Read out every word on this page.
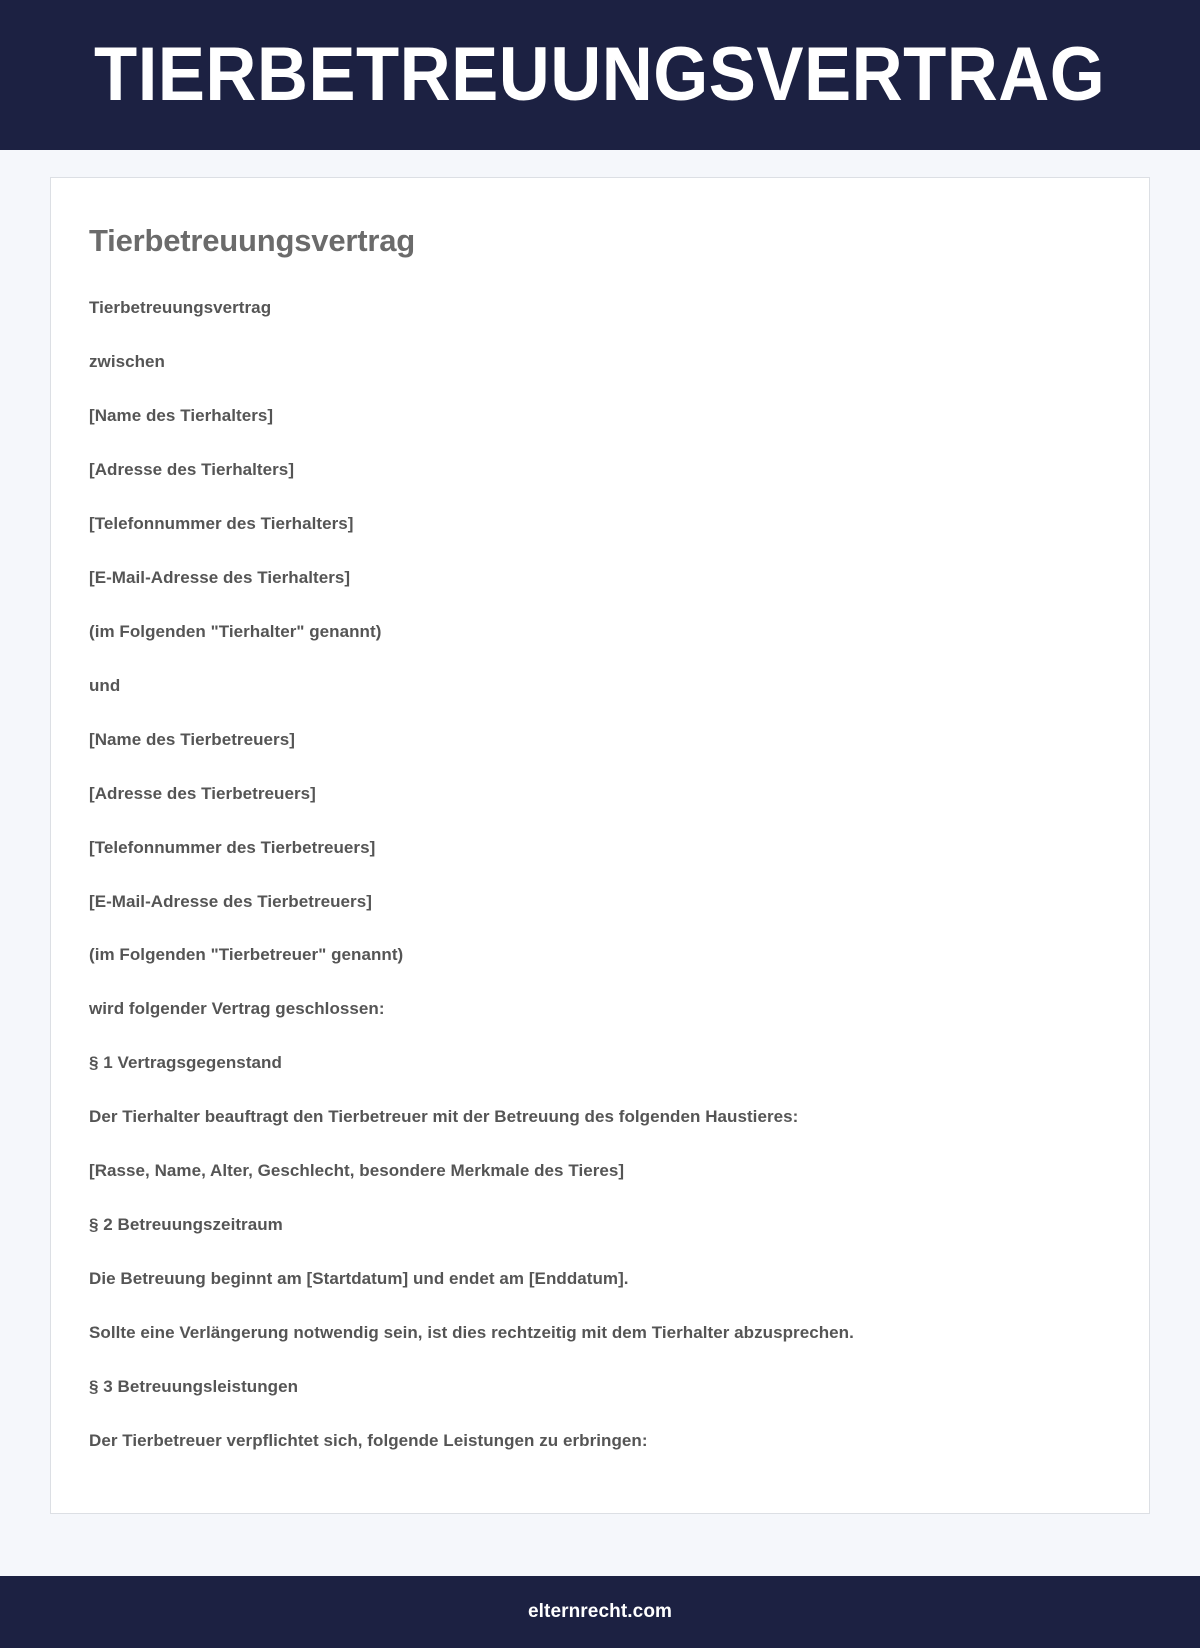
TIERBETREUUNGSVERTRAG
Tierbetreuungsvertrag

Tierbetreuungsvertrag

zwischen

[Name des Tierhalters]

[Adresse des Tierhalters]

[Telefonnummer des Tierhalters]

[E-Mail-Adresse des Tierhalters]

(im Folgenden "Tierhalter" genannt)

und

[Name des Tierbetreuers]

[Adresse des Tierbetreuers]

[Telefonnummer des Tierbetreuers]

[E-Mail-Adresse des Tierbetreuers]

(im Folgenden "Tierbetreuer" genannt)

wird folgender Vertrag geschlossen:

§ 1 Vertragsgegenstand

Der Tierhalter beauftragt den Tierbetreuer mit der Betreuung des folgenden Haustieres:

[Rasse, Name, Alter, Geschlecht, besondere Merkmale des Tieres]

§ 2 Betreuungszeitraum

Die Betreuung beginnt am [Startdatum] und endet am [Enddatum].

Sollte eine Verlängerung notwendig sein, ist dies rechtzeitig mit dem Tierhalter abzusprechen.

§ 3 Betreuungsleistungen

Der Tierbetreuer verpflichtet sich, folgende Leistungen zu erbringen:

elternrecht.com
